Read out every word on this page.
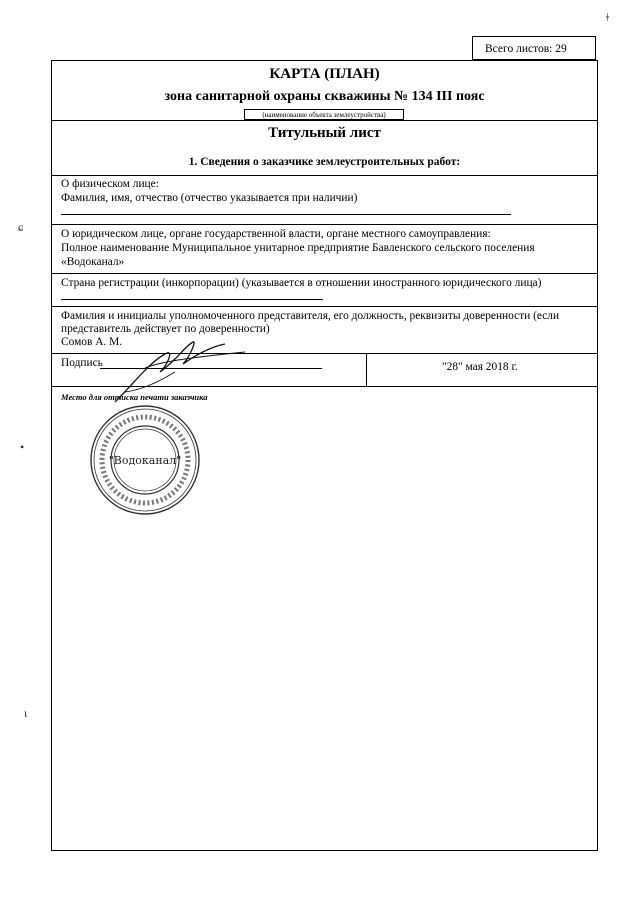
Всего листов: 29
КАРТА (ПЛАН)
зона санитарной охраны скважины № 134 III пояс
(наименование объекта землеустройства)
Титульный лист
1. Сведения о заказчике землеустроительных работ:
О физическом лице:
Фамилия, имя, отчество (отчество указывается при наличии)
О юридическом лице, органе государственной власти, органе местного самоуправления:
Полное наименование Муниципальное унитарное предприятие Бавленского сельского поселения
«Водоканал»
Страна регистрации (инкорпорации) (указывается в отношении иностранного юридического лица)
Фамилия и инициалы уполномоченного представителя, его должность, реквизиты доверенности (если
представитель действует по доверенности)
Сомов А. М.
Подпись	"28" мая 2018 г.
Место для оттиска печати заказчика
"Водоканал"
ǂ
ɕ
•
ɩ
